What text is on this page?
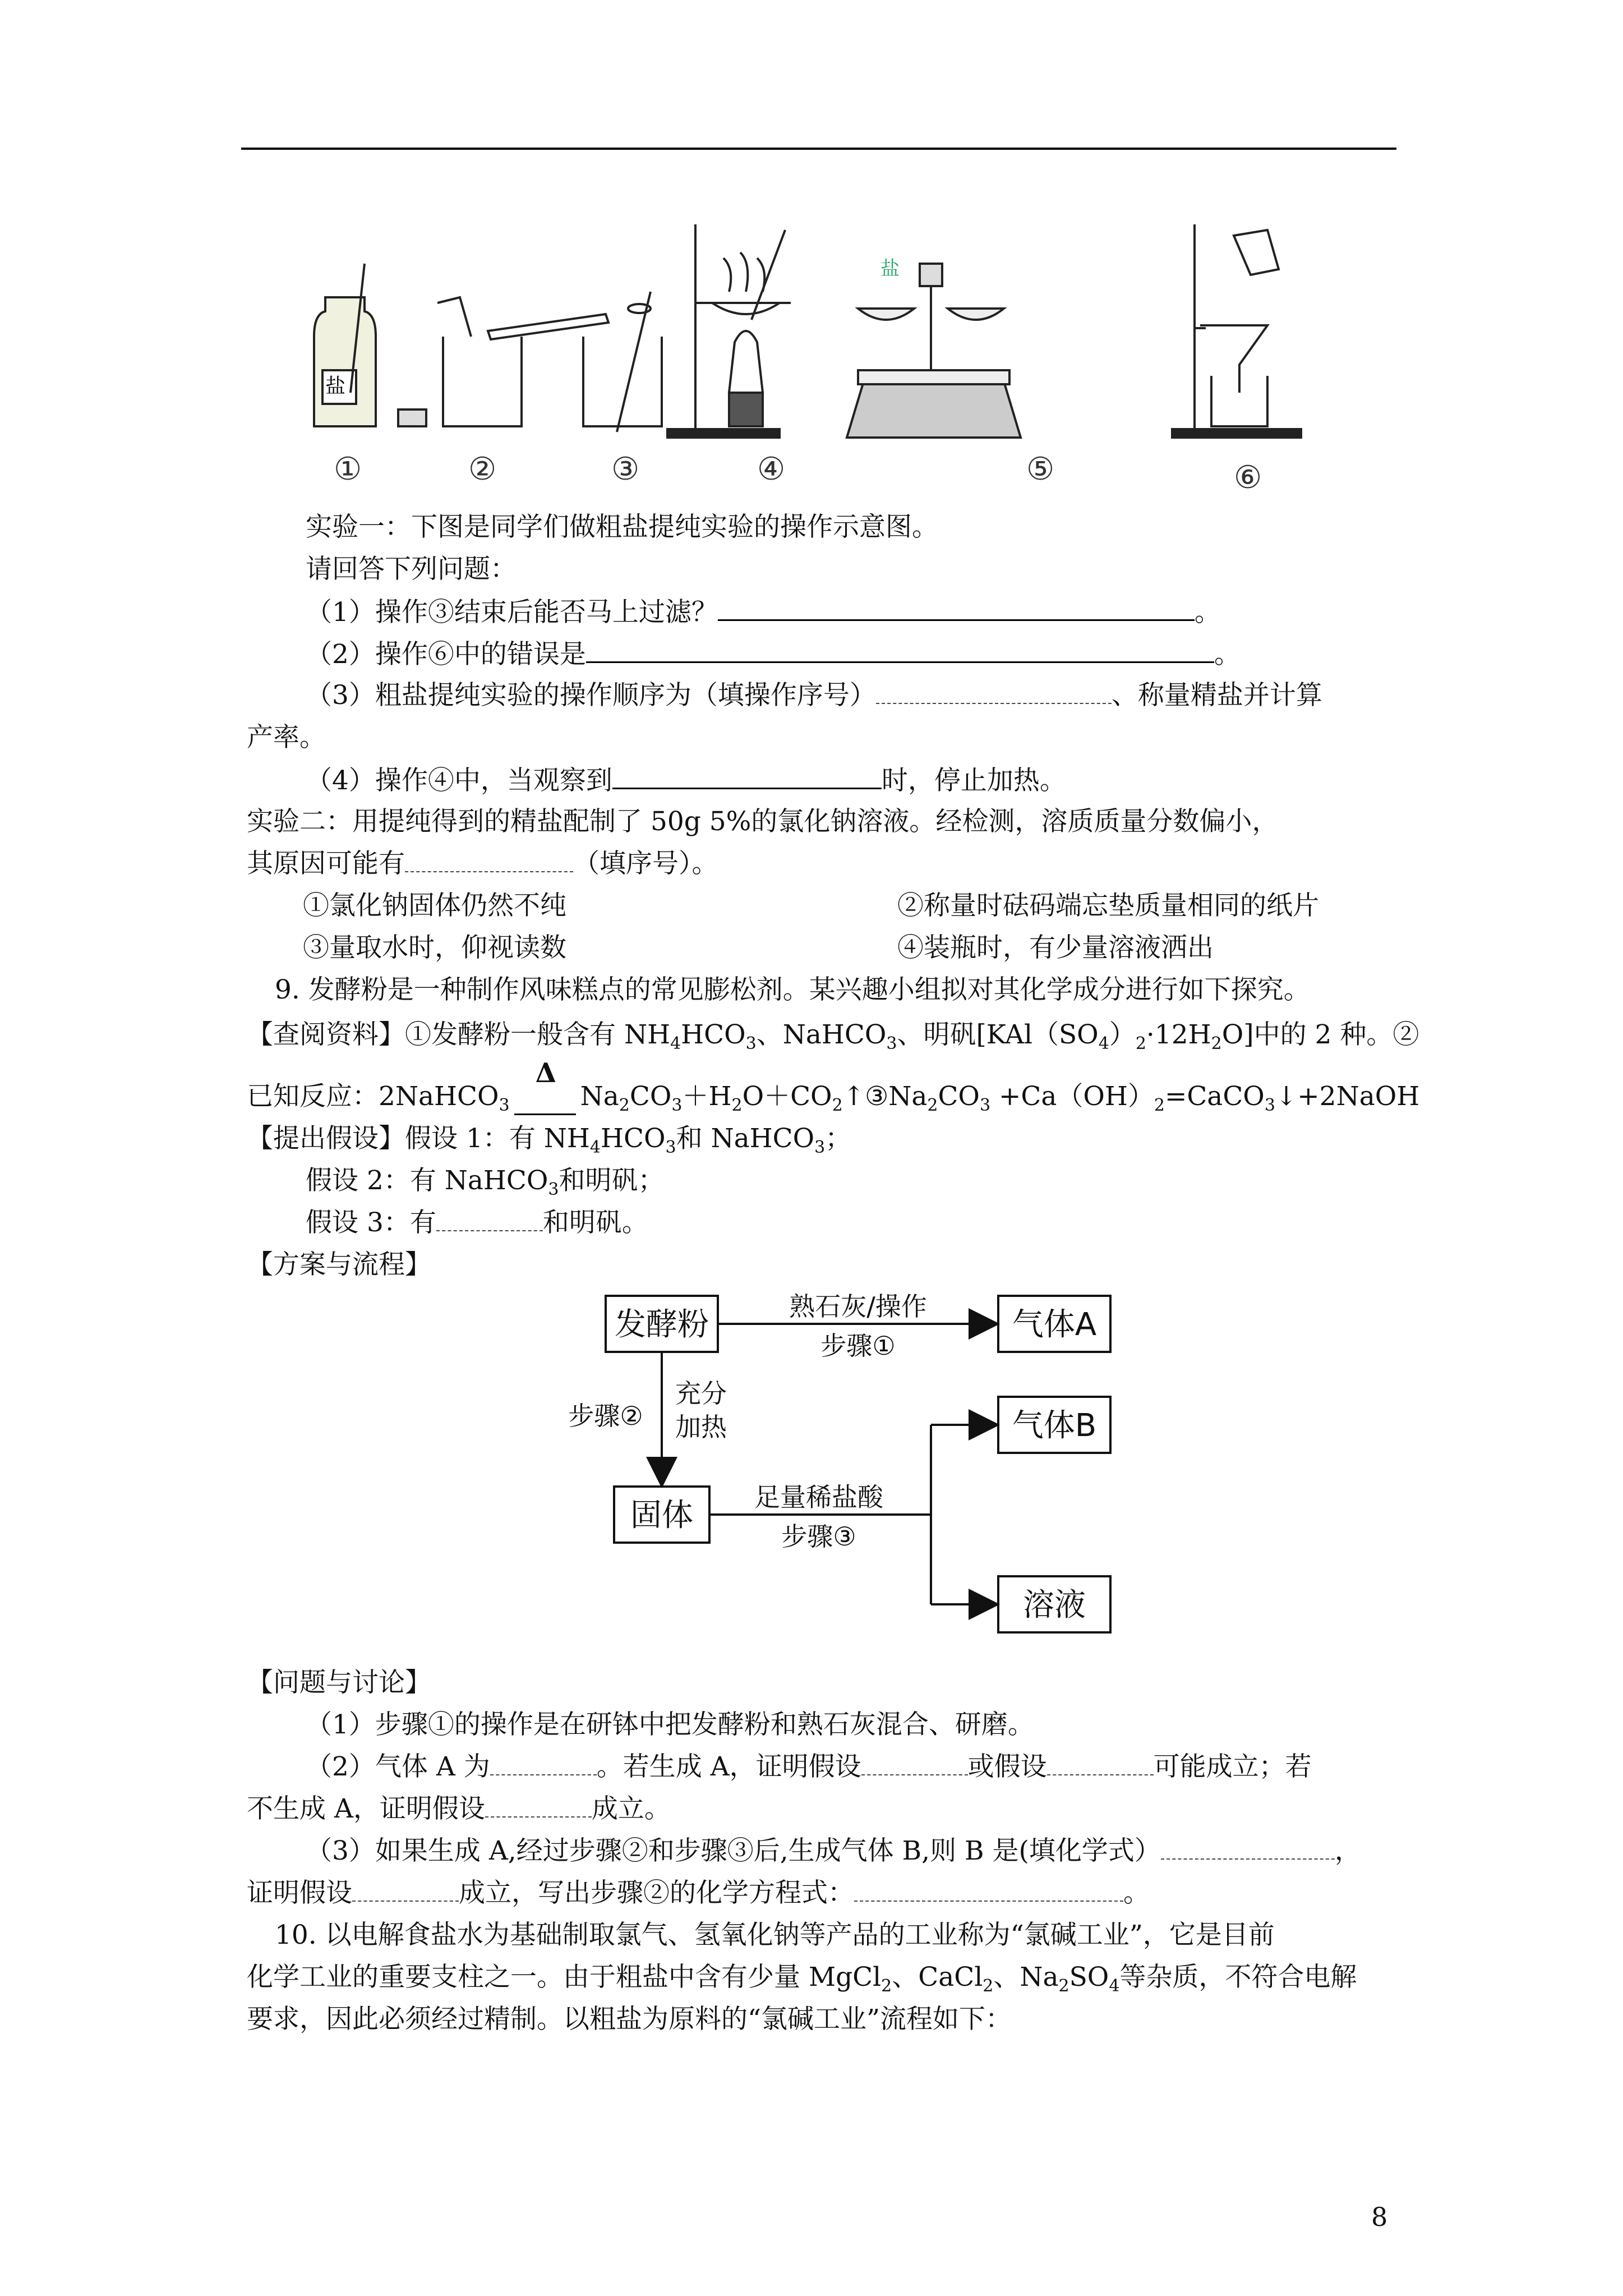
①	②	③	④	⑤	⑥
盐
盐
实验一：下图是同学们做粗盐提纯实验的操作示意图。
请回答下列问题：
（1）操作③结束后能否马上过滤？	。
（2）操作⑥中的错误是	。
（3）粗盐提纯实验的操作顺序为（填操作序号）	、称量精盐并计算
产率。
（4）操作④中，当观察到	时，停止加热。
实验二：用提纯得到的精盐配制了 50g 5%的氯化钠溶液。经检测，溶质质量分数偏小，
其原因可能有	（填序号）。
①氯化钠固体仍然不纯	②称量时砝码端忘垫质量相同的纸片
③量取水时，仰视读数	④装瓶时，有少量溶液洒出
9. 发酵粉是一种制作风味糕点的常见膨松剂。某兴趣小组拟对其化学成分进行如下探究。
【查阅资料】①发酵粉一般含有 $NH_4HCO_3$、NaHCO$_3$、明矾$[KAl(SO_4)_2\cdot 12H_2O]$中的 2 种。②
已知反应：2NaHCO$_3$
Δ
$Na_2CO_3+H_2O+CO_2↑③Na_2CO_3$ $+Ca(OH)_2=CaCO_3↓+2NaOH$
【提出假设】假设 1：有 $NH_4HCO_3$和 NaHCO$_3$；
假设 2：有 NaHCO$_3$和明矾；
假设 3：有	和明矾。
【方案与流程】
发酵粉	气体A
固体
气体B
溶液
熟石灰/操作
步骤①
步骤②
充分
加热
足量稀盐酸
步骤③
【问题与讨论】
（1）步骤①的操作是在研钵中把发酵粉和熟石灰混合、研磨。
（2）气体 A 为	。若生成 A，证明假设	或假设	可能成立；若
不生成 A，证明假设	成立。
（3）如果生成 A,经过步骤②和步骤③后,生成气体 B,则 B 是(填化学式）	，
证明假设	成立，写出步骤②的化学方程式：	。
10. 以电解食盐水为基础制取氯气、氢氧化钠等产品的工业称为“氯碱工业”，它是目前
化学工业的重要支柱之一。由于粗盐中含有少量 MgCl$_2$、CaCl$_2$、$Na_2SO_4$等杂质，不符合电解
要求，因此必须经过精制。以粗盐为原料的“氯碱工业”流程如下：
8
